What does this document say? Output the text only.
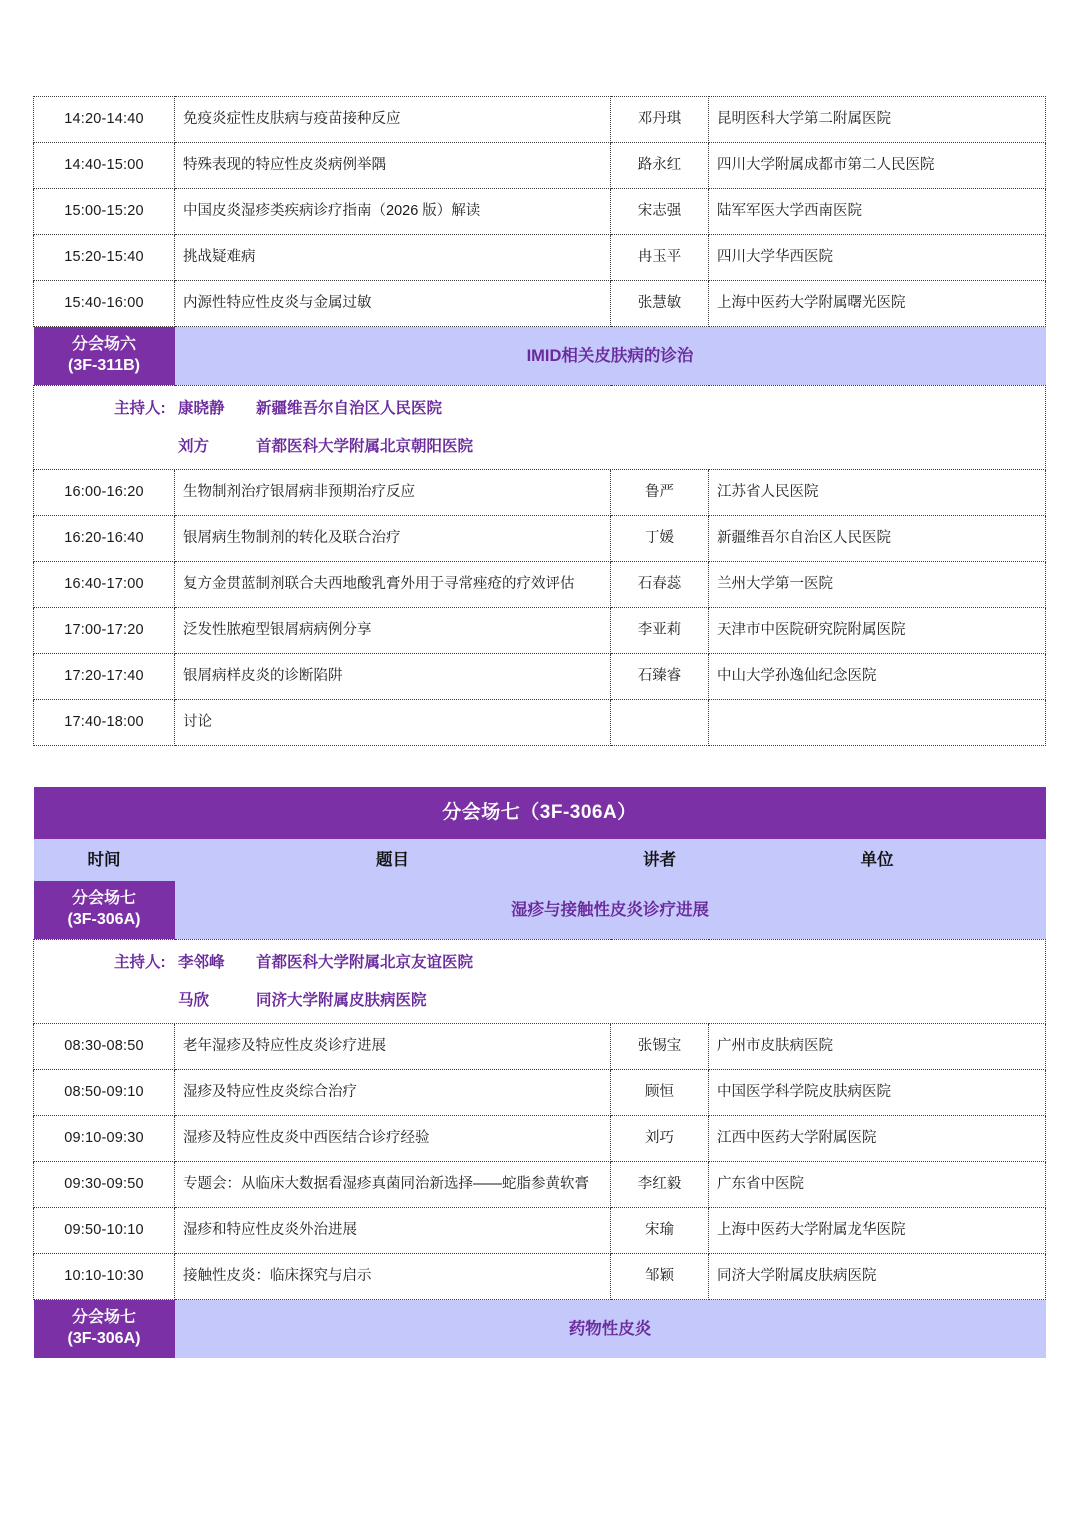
14:20-14:40	免疫炎症性皮肤病与疫苗接种反应	邓丹琪	昆明医科大学第二附属医院
14:40-15:00	特殊表现的特应性皮炎病例举隅	路永红	四川大学附属成都市第二人民医院
15:00-15:20	中国皮炎湿疹类疾病诊疗指南（2026 版）解读	宋志强	陆军军医大学西南医院
15:20-15:40	挑战疑难病	冉玉平	四川大学华西医院
15:40-16:00	内源性特应性皮炎与金属过敏	张慧敏	上海中医药大学附属曙光医院

分会场六
(3F-311B)	IMID相关皮肤病的诊治		

主持人: 康晓静 新疆维吾尔自治区人民医院
刘方 首都医科大学附属北京朝阳医院			

16:00-16:20	生物制剂治疗银屑病非预期治疗反应	鲁严	江苏省人民医院
16:20-16:40	银屑病生物制剂的转化及联合治疗	丁媛	新疆维吾尔自治区人民医院
16:40-17:00	复方金贯蓝制剂联合夫西地酸乳膏外用于寻常痤疮的疗效评估	石春蕊	兰州大学第一医院
17:00-17:20	泛发性脓疱型银屑病病例分享	李亚莉	天津市中医院研究院附属医院
17:20-17:40	银屑病样皮炎的诊断陷阱	石臻睿	中山大学孙逸仙纪念医院
17:40-18:00	讨论		
分会场七（3F-306A）			
时间	题目	讲者	单位

分会场七
(3F-306A)	湿疹与接触性皮炎诊疗进展		

主持人: 李邻峰 首都医科大学附属北京友谊医院
马欣 同济大学附属皮肤病医院			

08:30-08:50	老年湿疹及特应性皮炎诊疗进展	张锡宝	广州市皮肤病医院
08:50-09:10	湿疹及特应性皮炎综合治疗	顾恒	中国医学科学院皮肤病医院
09:10-09:30	湿疹及特应性皮炎中西医结合诊疗经验	刘巧	江西中医药大学附属医院
09:30-09:50	专题会：从临床大数据看湿疹真菌同治新选择——蛇脂参黄软膏	李红毅	广东省中医院
09:50-10:10	湿疹和特应性皮炎外治进展	宋瑜	上海中医药大学附属龙华医院
10:10-10:30	接触性皮炎：临床探究与启示	邹颖	同济大学附属皮肤病医院

分会场七
(3F-306A)	药物性皮炎		
